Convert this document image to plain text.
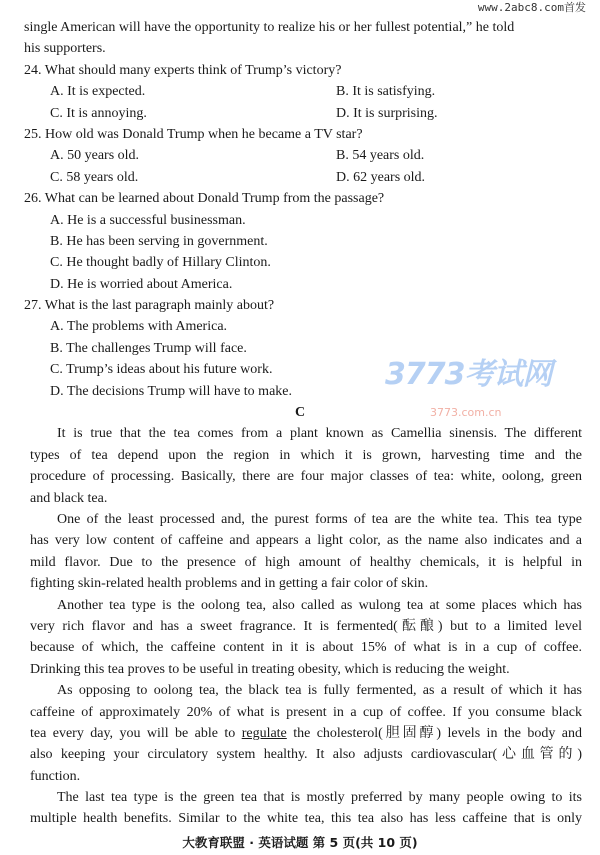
single American will have the opportunity to realize his or her fullest potential,” he told
his supporters.
24. What should many experts think of Trump’s victory?
A. It is expected.	B. It is satisfying.
C. It is annoying.	D. It is surprising.
25. How old was Donald Trump when he became a TV star?
A. 50 years old.	B. 54 years old.
C. 58 years old.	D. 62 years old.
26. What can be learned about Donald Trump from the passage?
A. He is a successful businessman.
B. He has been serving in government.
C. He thought badly of Hillary Clinton.
D. He is worried about America.
27. What is the last paragraph mainly about?
A. The problems with America.
B. The challenges Trump will face.
C. Trump’s ideas about his future work.
D. The decisions Trump will have to make.
C
It is true that the tea comes from a plant known as Camellia sinensis. The different
types of tea depend upon the region in which it is grown, harvesting time and the
procedure of processing. Basically, there are four major classes of tea: white, oolong, green
and black tea.
One of the least processed and, the purest forms of tea are the white tea. This tea type
has very low content of caffeine and appears a light color, as the name also indicates and a
mild flavor. Due to the presence of high amount of healthy chemicals, it is helpful in
fighting skin-related health problems and in getting a fair color of skin.
Another tea type is the oolong tea, also called as wulong tea at some places which has
very rich flavor and has a sweet fragrance. It is fermented(酝酿) but to a limited level
because of which, the caffeine content in it is about 15% of what is in a cup of coffee.
Drinking this tea proves to be useful in treating obesity, which is reducing the weight.
As opposing to oolong tea, the black tea is fully fermented, as a result of which it has
caffeine of approximately 20% of what is present in a cup of coffee. If you consume black
tea every day, you will be able to regulate the cholesterol(胆固醇) levels in the body and
also keeping your circulatory system healthy. It also adjusts cardiovascular(心血管的)
function.
The last tea type is the green tea that is mostly preferred by many people owing to its
multiple health benefits. Similar to the white tea, this tea also has less caffeine that is only
www.2abc8.com首发
3773考试网
3773.com.cn
大教育联盟 · 英语试题 第 5 页(共 10 页)
